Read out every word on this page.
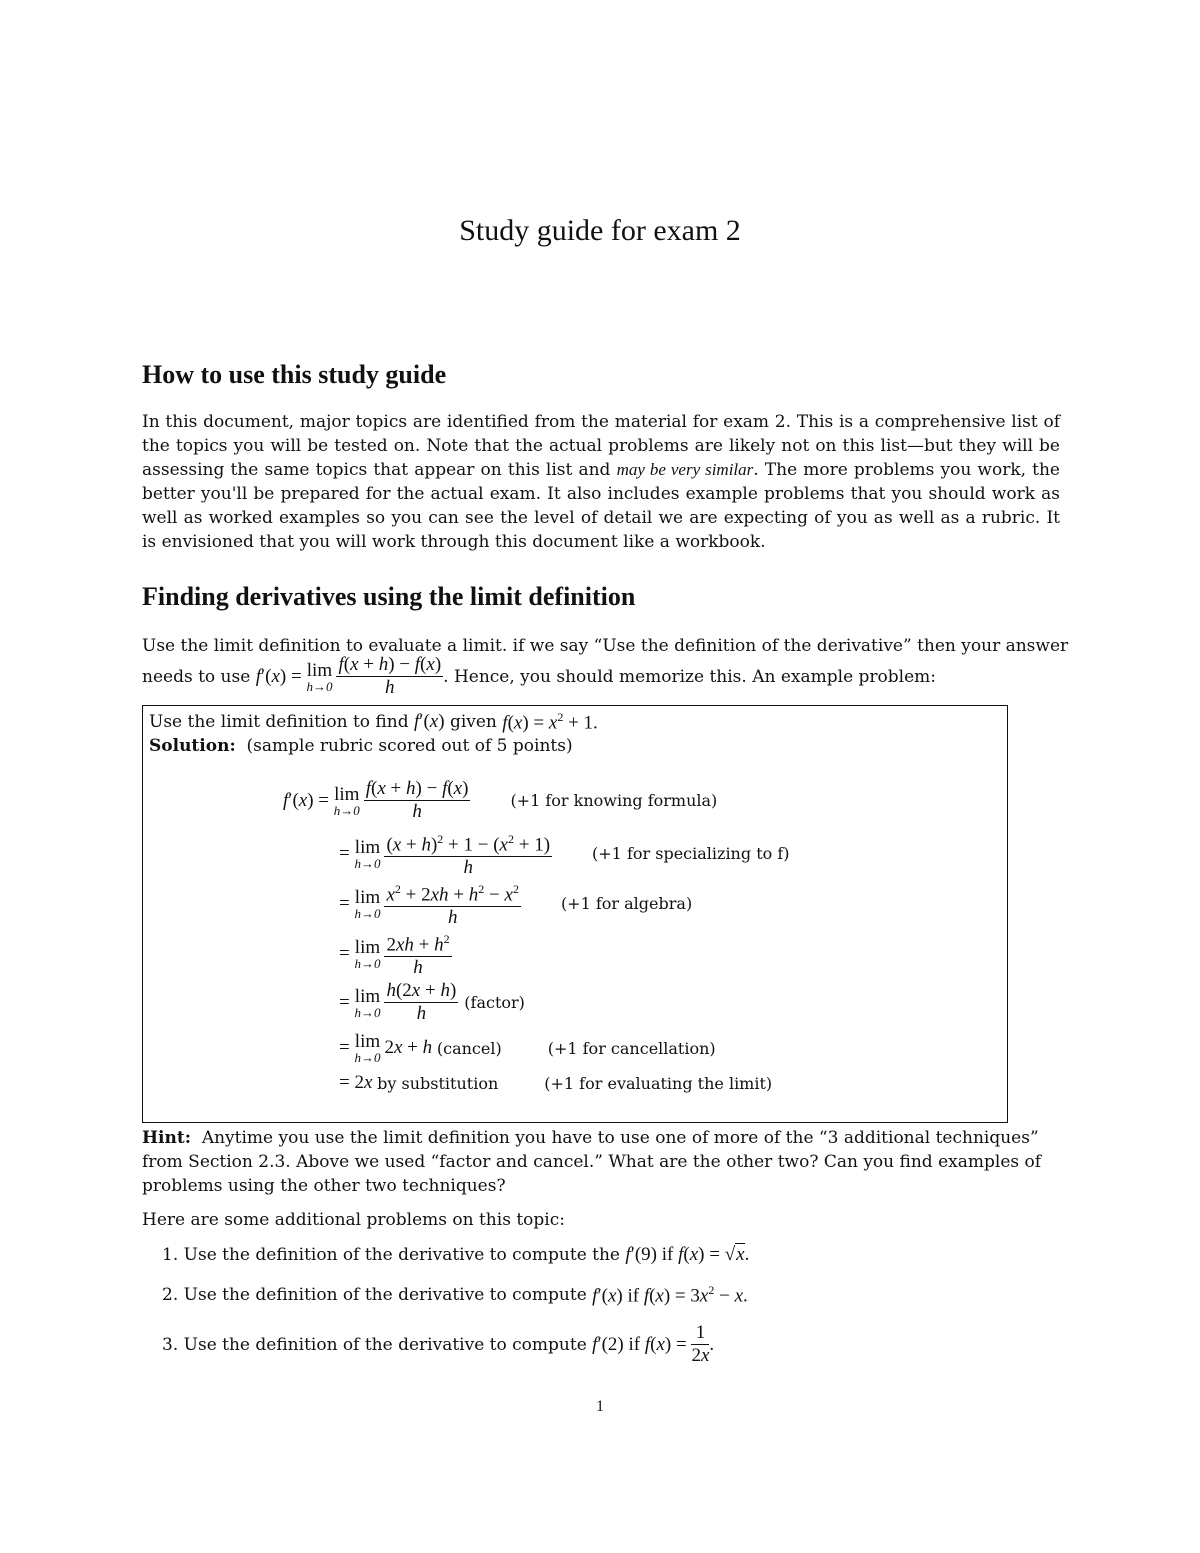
Study guide for exam 2
How to use this study guide

In this document, major topics are identified from the material for exam 2. This is a comprehensive list of the topics you will be tested on. Note that the actual problems are likely not on this list—but they will be assessing the same topics that appear on this list and may be very similar. The more problems you work, the better you'll be prepared for the actual exam. It also includes example problems that you should work as well as worked examples so you can see the level of detail we are expecting of you as well as a rubric. It is envisioned that you will work through this document like a workbook.

Finding derivatives using the limit definition
Use the limit definition to evaluate a limit. if we say “Use the definition of the derivative” then your answer
needs to use
f′(x) = lim
$h\to 0 \frac{f(x + h) - f(x)}{h}$ . Hence, you should memorize this. An example problem:
Use the limit definition to find
f′(x)
given
$f(x) = x^2 + 1$.
Solution: (sample rubric scored out of 5 points)
f′(x) = lim
$h\to 0 \frac{f(x + h) - f(x)}{h}$	(+1 for knowing formula)
= lim
$h\to 0 \frac{(x + h)^2 + 1 - (x^2 + 1)}{h}$	(+1 for specializing to f)
= lim
$h\to 0 \frac{x^2 + 2xh + h^2 - x^2}{h}$	(+1 for algebra)
= lim
$h\to 0 \frac{2xh + h^2}{h}$
= lim
$h\to 0 \frac{h(2x + h)}{h}$ (factor)
= lim
h→0 2x + h (cancel)	(+1 for cancellation)
= 2x by substitution	(+1 for evaluating the limit)
Hint: Anytime you use the limit definition you have to use one of more of the “3 additional techniques”
from Section 2.3. Above we used “factor and cancel.” What are the other two? Can you find examples of
problems using the other two techniques?
Here are some additional problems on this topic:
1.
Use the definition of the derivative to compute the
f′(9) if f(x) = √x.
2.
Use the definition of the derivative to compute
f′(x) if $f(x) = 3x^2 - x$.
3.
Use the definition of the derivative to compute
f′(2) if $f(x) = \frac{1}{2x}$ .
1
